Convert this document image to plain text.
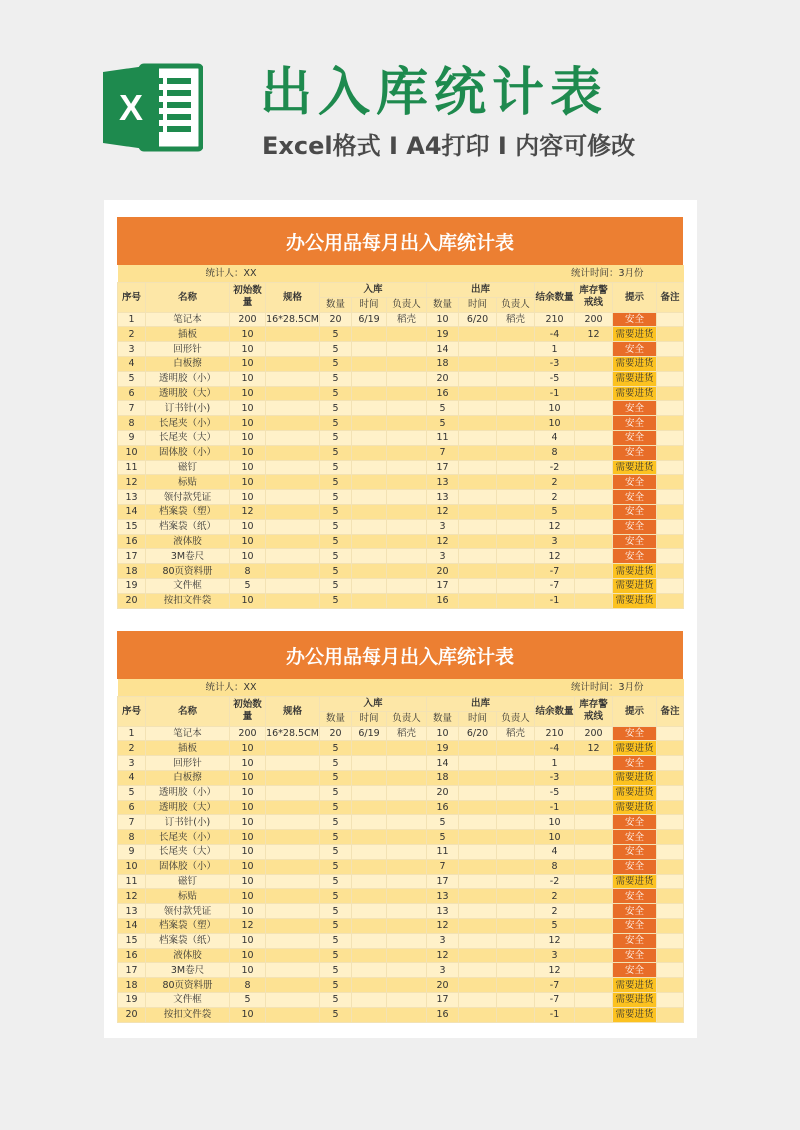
X 出入库统计表
Excel格式 I A4打印 I 内容可修改
办公用品每月出入库统计表
统计人：XX							统计时间：3月份						
序号	名称	初始数量	规格	入库			出库			结余数量	库存警戒线	提示	备注
				数量	时间	负责人	数量	时间	负责人				
1	笔记本	200	16*28.5CM	20	6/19	稻壳	10	6/20	稻壳	210	200	安全	
2	插板	10		5			19			-4	12	需要进货	
3	回形针	10		5			14			1		安全	
4	白板擦	10		5			18			-3		需要进货	
5	透明胶（小）	10		5			20			-5		需要进货	
6	透明胶（大）	10		5			16			-1		需要进货	
7	订书针(小)	10		5			5			10		安全	
8	长尾夹（小）	10		5			5			10		安全	
9	长尾夹（大）	10		5			11			4		安全	
10	固体胶（小）	10		5			7			8		安全	
11	磁钉	10		5			17			-2		需要进货	
12	标贴	10		5			13			2		安全	
13	领付款凭证	10		5			13			2		安全	
14	档案袋（塑）	12		5			12			5		安全	
15	档案袋（纸）	10		5			3			12		安全	
16	液体胶	10		5			12			3		安全	
17	3M卷尺	10		5			3			12		安全	
18	80页资料册	8		5			20			-7		需要进货	
19	文件框	5		5			17			-7		需要进货	
20	按扣文件袋	10		5			16			-1		需要进货	
办公用品每月出入库统计表
统计人：XX							统计时间：3月份						
序号	名称	初始数量	规格	入库			出库			结余数量	库存警戒线	提示	备注
				数量	时间	负责人	数量	时间	负责人				
1	笔记本	200	16*28.5CM	20	6/19	稻壳	10	6/20	稻壳	210	200	安全	
2	插板	10		5			19			-4	12	需要进货	
3	回形针	10		5			14			1		安全	
4	白板擦	10		5			18			-3		需要进货	
5	透明胶（小）	10		5			20			-5		需要进货	
6	透明胶（大）	10		5			16			-1		需要进货	
7	订书针(小)	10		5			5			10		安全	
8	长尾夹（小）	10		5			5			10		安全	
9	长尾夹（大）	10		5			11			4		安全	
10	固体胶（小）	10		5			7			8		安全	
11	磁钉	10		5			17			-2		需要进货	
12	标贴	10		5			13			2		安全	
13	领付款凭证	10		5			13			2		安全	
14	档案袋（塑）	12		5			12			5		安全	
15	档案袋（纸）	10		5			3			12		安全	
16	液体胶	10		5			12			3		安全	
17	3M卷尺	10		5			3			12		安全	
18	80页资料册	8		5			20			-7		需要进货	
19	文件框	5		5			17			-7		需要进货	
20	按扣文件袋	10		5			16			-1		需要进货	
